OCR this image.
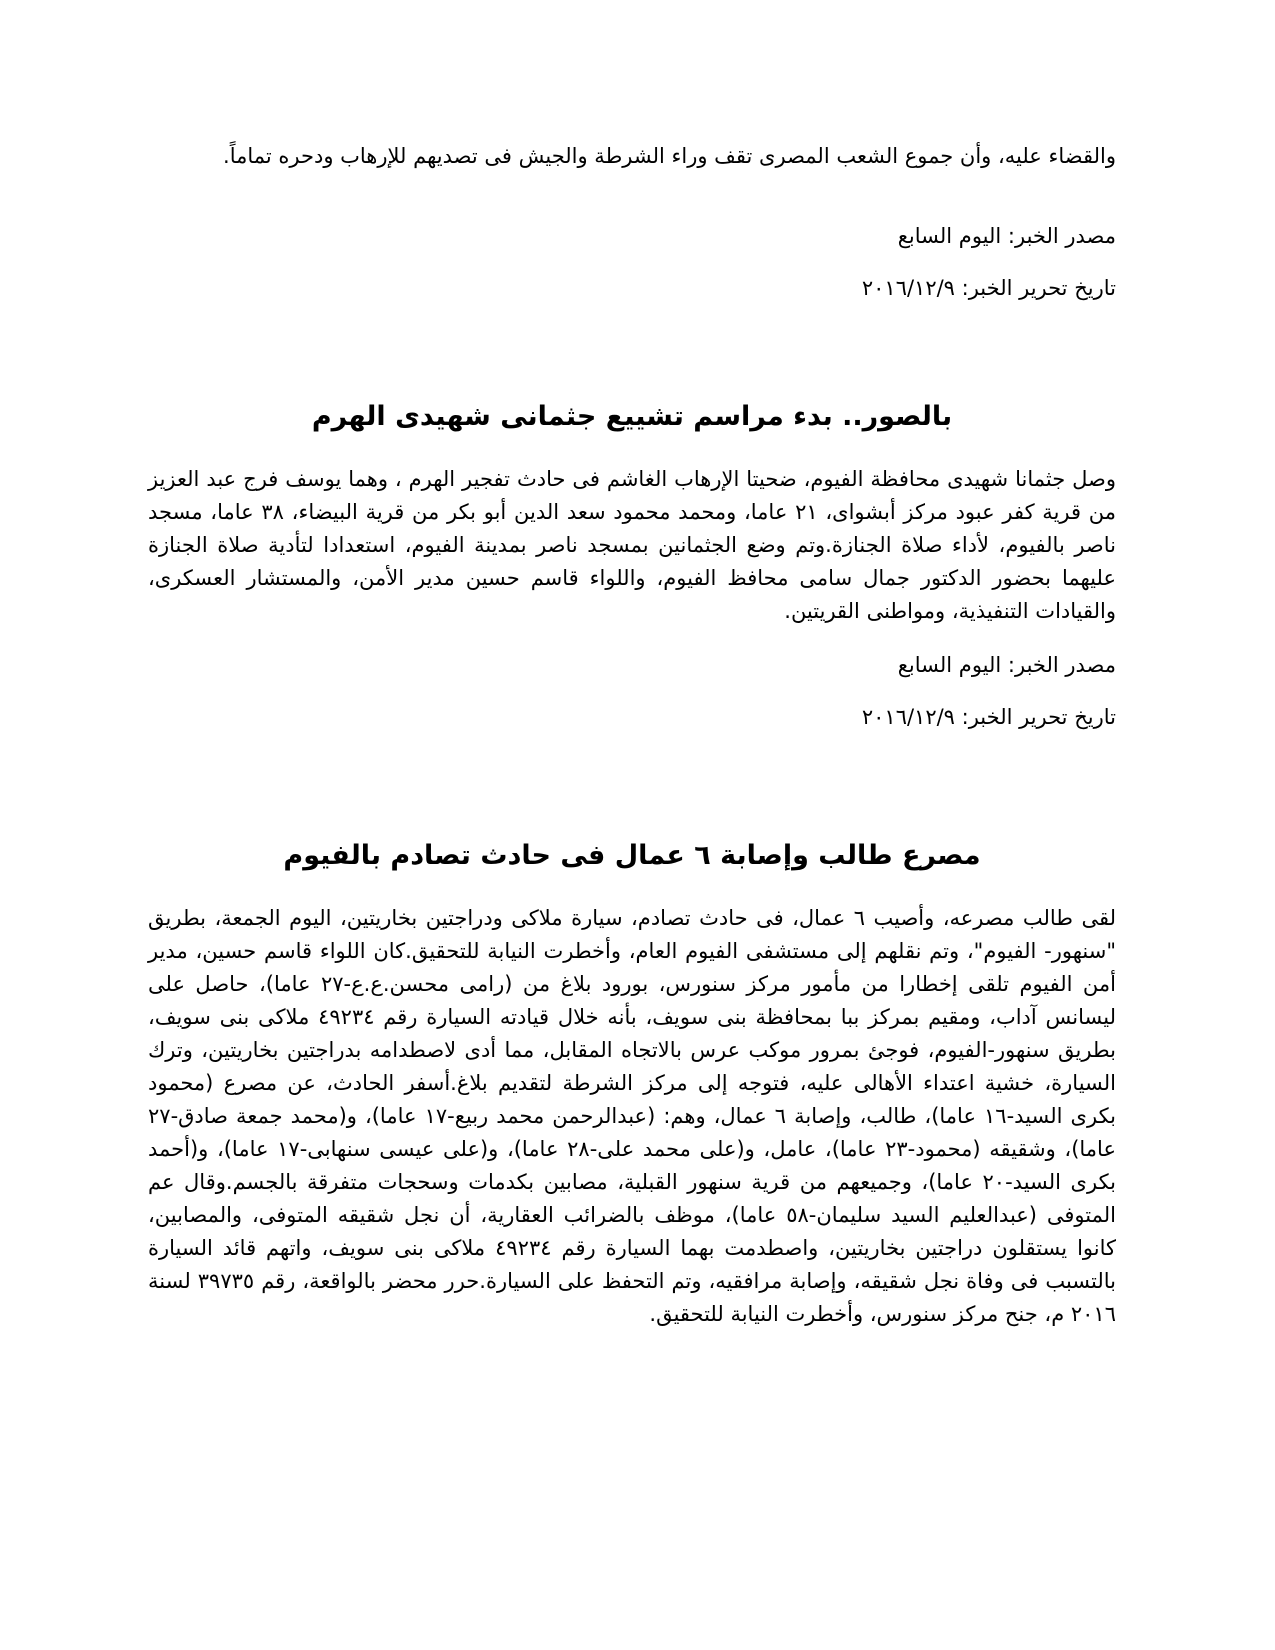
والقضاء عليه، وأن جموع الشعب المصرى تقف وراء الشرطة والجيش فى تصديهم للإرهاب ودحره تماماً.

مصدر الخبر: اليوم السابع

تاريخ تحرير الخبر: ٢٠١٦/١٢/٩

بالصور.. بدء مراسم تشييع جثمانى شهيدى الهرم

وصل جثمانا شهيدى محافظة الفيوم، ضحيتا الإرهاب الغاشم فى حادث تفجير الهرم ، وهما يوسف فرج عبد العزيز من قرية كفر عبود مركز أبشواى، ٢١ عاما، ومحمد محمود سعد الدين أبو بكر من قرية البيضاء، ٣٨ عاما، مسجد ناصر بالفيوم، لأداء صلاة الجنازة.وتم وضع الجثمانين بمسجد ناصر بمدينة الفيوم، استعدادا لتأدية صلاة الجنازة عليهما بحضور الدكتور جمال سامى محافظ الفيوم، واللواء قاسم حسين مدير الأمن، والمستشار العسكرى، والقيادات التنفيذية، ومواطنى القريتين.

مصدر الخبر: اليوم السابع

تاريخ تحرير الخبر: ٢٠١٦/١٢/٩

مصرع طالب وإصابة ٦ عمال فى حادث تصادم بالفيوم

لقى طالب مصرعه، وأصيب ٦ عمال، فى حادث تصادم، سيارة ملاكى ودراجتين بخاريتين، اليوم الجمعة، بطريق "سنهور- الفيوم"، وتم نقلهم إلى مستشفى الفيوم العام، وأخطرت النيابة للتحقيق.كان اللواء قاسم حسين، مدير أمن الفيوم تلقى إخطارا من مأمور مركز سنورس، بورود بلاغ من (رامى محسن.ع.ع-٢٧ عاما)، حاصل على ليسانس آداب، ومقيم بمركز ببا بمحافظة بنى سويف، بأنه خلال قيادته السيارة رقم ٤٩٢٣٤ ملاكى بنى سويف، بطريق سنهور-الفيوم، فوجئ بمرور موكب عرس بالاتجاه المقابل، مما أدى لاصطدامه بدراجتين بخاريتين، وترك السيارة، خشية اعتداء الأهالى عليه، فتوجه إلى مركز الشرطة لتقديم بلاغ.أسفر الحادث، عن مصرع (محمود بكرى السيد-١٦ عاما)، طالب، وإصابة ٦ عمال، وهم: (عبدالرحمن محمد ربيع-١٧ عاما)، و(محمد جمعة صادق-٢٧ عاما)، وشقيقه (محمود-٢٣ عاما)، عامل، و(على محمد على-٢٨ عاما)، و(على عيسى سنهابى-١٧ عاما)، و(أحمد بكرى السيد-٢٠ عاما)، وجميعهم من قرية سنهور القبلية، مصابين بكدمات وسحجات متفرقة بالجسم.وقال عم المتوفى (عبدالعليم السيد سليمان-٥٨ عاما)، موظف بالضرائب العقارية، أن نجل شقيقه المتوفى، والمصابين، كانوا يستقلون دراجتين بخاريتين، واصطدمت بهما السيارة رقم ٤٩٢٣٤ ملاكى بنى سويف، واتهم قائد السيارة بالتسبب فى وفاة نجل شقيقه، وإصابة مرافقيه، وتم التحفظ على السيارة.حرر محضر بالواقعة، رقم ٣٩٧٣٥ لسنة ٢٠١٦ م، جنح مركز سنورس، وأخطرت النيابة للتحقيق.
